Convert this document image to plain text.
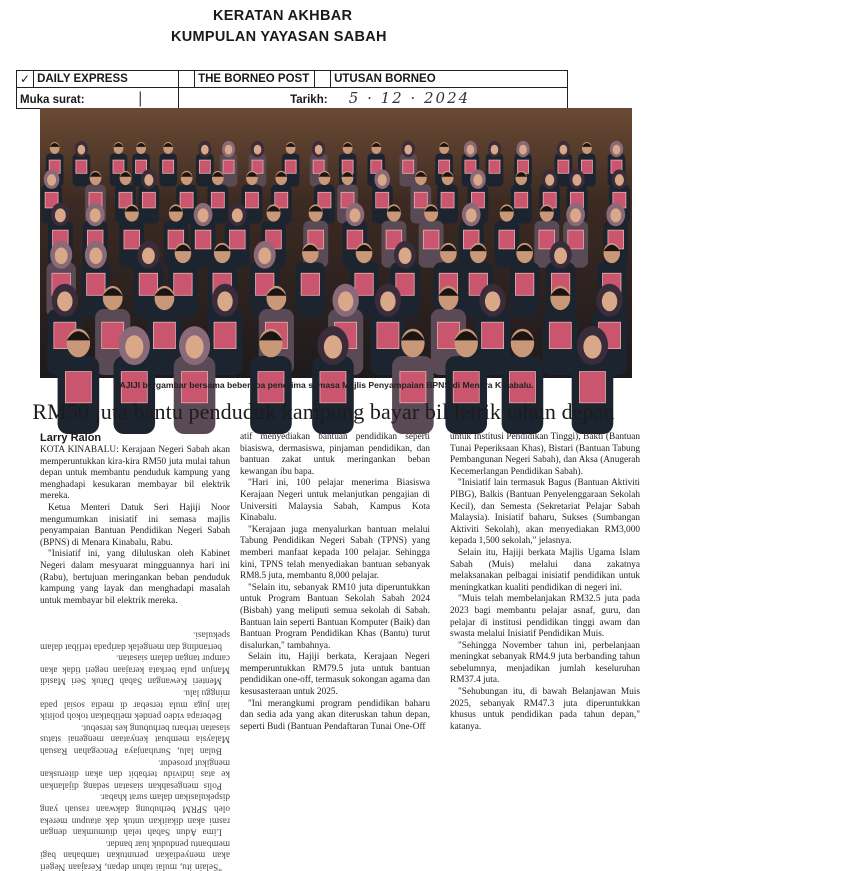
KERATAN AKHBAR
KUMPULAN YAYASAN SABAH
✓	DAILY EXPRESS		THE BORNEO POST		UTUSAN BORNEO
Muka surat: |		Tarikh: 5 · 12 · 2024			
HAJIJI bergambar bersama beberapa penerima semasa Majlis Penyampaian BPNS di Menara Kinabalu.
RM50 juta bantu penduduk kampung bayar bil letrik tahun depan
Larry Ralon

KOTA KINABALU: Kerajaan Negeri Sabah akan memperuntukkan kira-kira RM50 juta mulai tahun depan untuk membantu penduduk kampung yang menghadapi kesukaran membayar bil elektrik mereka.

Ketua Menteri Datuk Seri Hajiji Noor mengumumkan inisiatif ini semasa majlis penyampaian Bantuan Pendidikan Negeri Sabah (BPNS) di Menara Kinabalu, Rabu.

"Inisiatif ini, yang diluluskan oleh Kabinet Negeri dalam mesyuarat mingguannya hari ini (Rabu), bertujuan meringankan beban penduduk kampung yang layak dan menghadapi masalah untuk membayar bil elektrik mereka.

"Selain itu, mulai tahun depan, Kerajaan Negeri akan menyediakan peruntukan tambahan bagi membantu penduduk luar bandar.

Lima Adun Sabah telah diumumkan dengan rasmi akan dikaitkan untuk dak ataupun mereka oleh SPRM berhubung dakwaan rasuah yang dispekulasikan dalam surat khabar.

Polis mengesahkan siasatan sedang dijalankan ke atas individu terbabit dan akan diteruskan mengikut prosedur.

Bulan lalu, Suruhanjaya Pencegahan Rasuah Malaysia membuat kenyataan mengenai status siasatan terbaru berhubung kes tersebut.

Beberapa video pendek melibatkan tokoh politik lain juga mula tersebar di media sosial pada minggu lalu.

Menteri Kewangan Sabah Datuk Seri Masidi Manjun pula berkata kerajaan negeri tidak akan campur tangan dalam siasatan.

bertanding dan mengelak daripada terlibat dalam spekulasi.

atif menyediakan bantuan pendidikan seperti biasiswa, dermasiswa, pinjaman pendidikan, dan bantuan zakat untuk meringankan beban kewangan ibu bapa.

"Hari ini, 100 pelajar menerima Biasiswa Kerajaan Negeri untuk melanjutkan pengajian di Universiti Malaysia Sabah, Kampus Kota Kinabalu.

"Kerajaan juga menyalurkan bantuan melalui Tabung Pendidikan Negeri Sabah (TPNS) yang memberi manfaat kepada 100 pelajar. Sehingga kini, TPNS telah menyediakan bantuan sebanyak RM8.5 juta, membantu 8,000 pelajar.

"Selain itu, sebanyak RM10 juta diperuntukkan untuk Program Bantuan Sekolah Sabah 2024 (Bisbah) yang meliputi semua sekolah di Sabah. Bantuan lain seperti Bantuan Komputer (Baik) dan Bantuan Program Pendidikan Khas (Bantu) turut disalurkan," tambahnya.

Selain itu, Hajiji berkata, Kerajaan Negeri memperuntukkan RM79.5 juta untuk bantuan pendidikan one-off, termasuk sokongan agama dan kesusasteraan untuk 2025.

"Ini merangkumi program pendidikan baharu dan sedia ada yang akan diteruskan tahun depan, seperti Budi (Bantuan Pendaftaran Tunai One-Off

untuk Institusi Pendidikan Tinggi), Bakti (Bantuan Tunai Peperiksaan Khas), Bistari (Bantuan Tabung Pembangunan Negeri Sabah), dan Aksa (Anugerah Kecemerlangan Pendidikan Sabah).

"Inisiatif lain termasuk Bagus (Bantuan Aktiviti PIBG), Balkis (Bantuan Penyelenggaraan Sekolah Kecil), dan Semesta (Sekretariat Pelajar Sabah Malaysia). Inisiatif baharu, Sukses (Sumbangan Aktiviti Sekolah), akan menyediakan RM3,000 kepada 1,500 sekolah," jelasnya.

Selain itu, Hajiji berkata Majlis Ugama Islam Sabah (Muis) melalui dana zakatnya melaksanakan pelbagai inisiatif pendidikan untuk meningkatkan kualiti pendidikan di negeri ini.

"Muis telah membelanjakan RM32.5 juta pada 2023 bagi membantu pelajar asnaf, guru, dan pelajar di institusi pendidikan tinggi awam dan swasta melalui Inisiatif Pendidikan Muis.

"Sehingga November tahun ini, perbelanjaan meningkat sebanyak RM4.9 juta berbanding tahun sebelumnya, menjadikan jumlah keseluruhan RM37.4 juta.

"Sehubungan itu, di bawah Belanjawan Muis 2025, sebanyak RM47.3 juta diperuntukkan khusus untuk pendidikan pada tahun depan," katanya.
